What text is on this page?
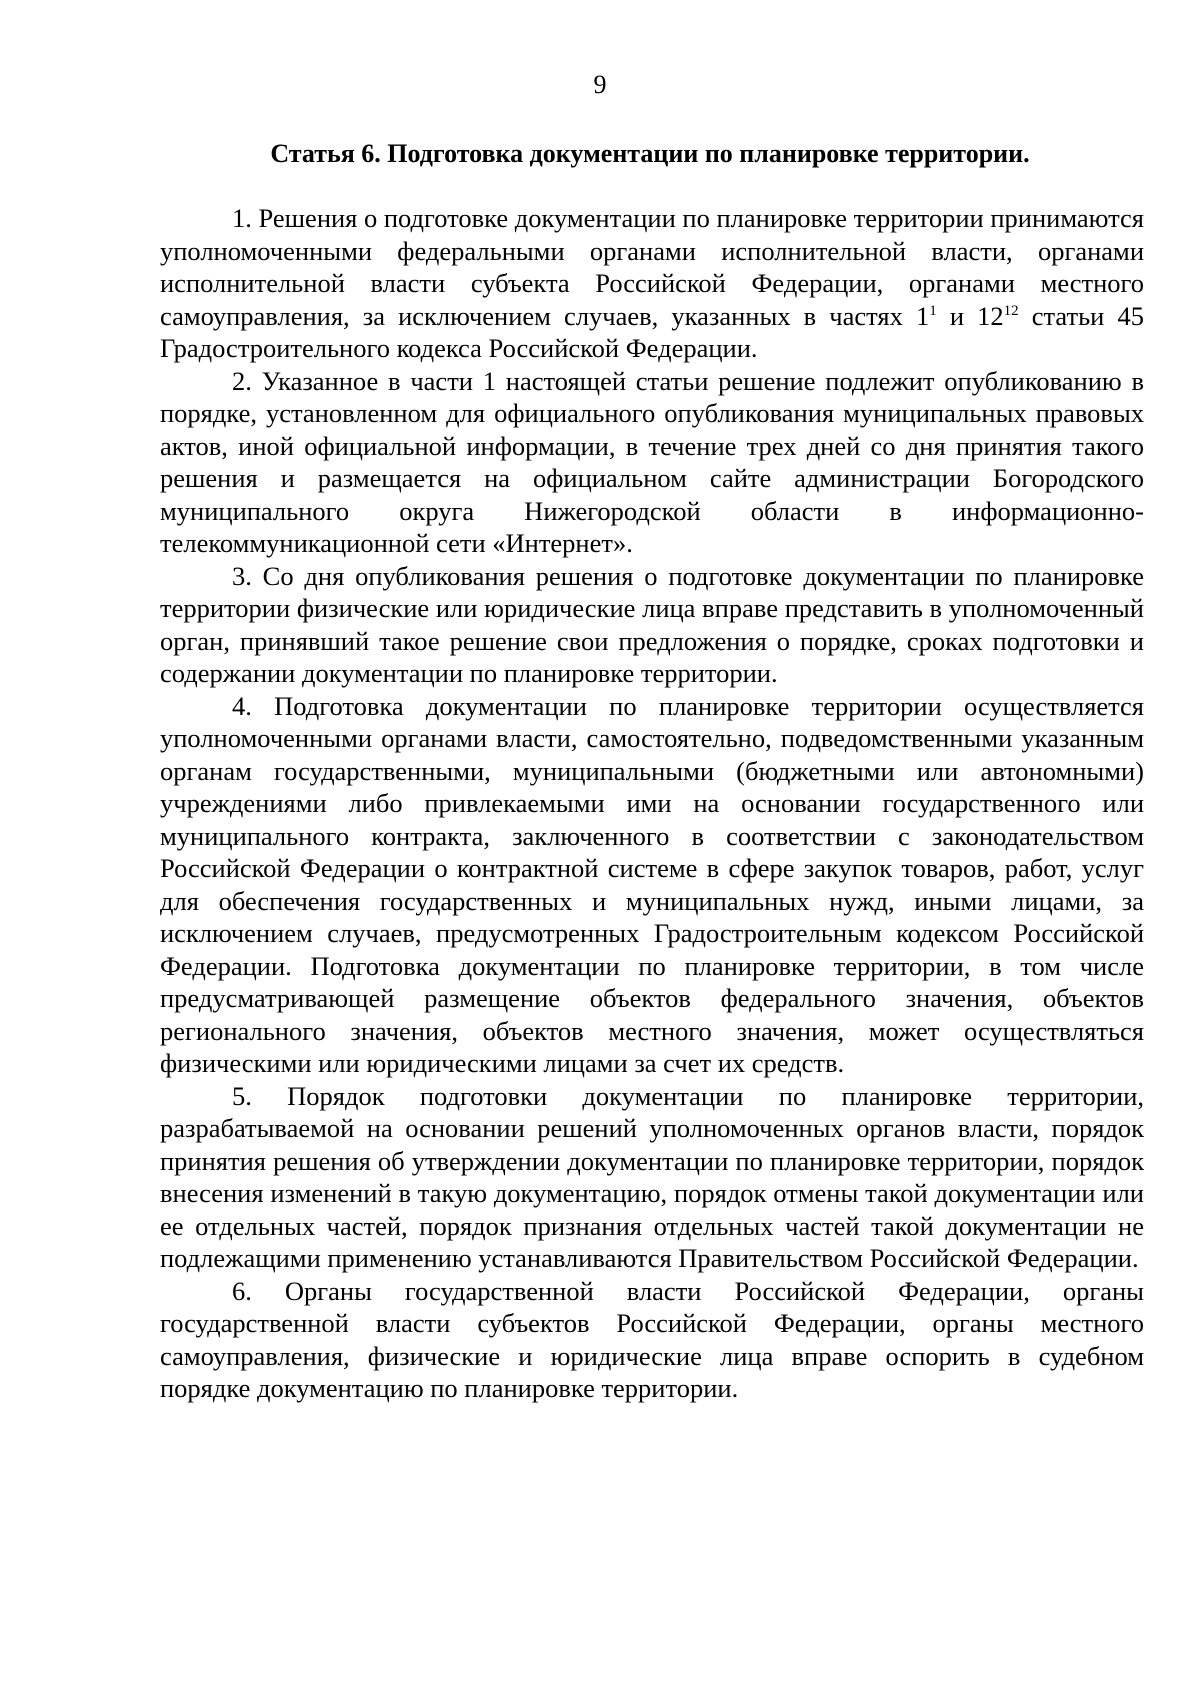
9
Статья 6. Подготовка документации по планировке территории.

1. Решения о подготовке документации по планировке территории принимаются уполномоченными федеральными органами исполнительной власти, органами исполнительной власти субъекта Российской Федерации, органами местного самоуправления, за исключением случаев, указанных в частях $1^1$ и $12^{12}$ статьи 45 Градостроительного кодекса Российской Федерации.

2. Указанное в части 1 настоящей статьи решение подлежит опубликованию в порядке, установленном для официального опубликования муниципальных правовых актов, иной официальной информации, в течение трех дней со дня принятия такого решения и размещается на официальном сайте администрации Богородского муниципального округа Нижегородской области в информационно-телекоммуникационной сети «Интернет».

3. Со дня опубликования решения о подготовке документации по планировке территории физические или юридические лица вправе представить в уполномоченный орган, принявший такое решение свои предложения о порядке, сроках подготовки и содержании документации по планировке территории.

4. Подготовка документации по планировке территории осуществляется уполномоченными органами власти, самостоятельно, подведомственными указанным органам государственными, муниципальными (бюджетными или автономными) учреждениями либо привлекаемыми ими на основании государственного или муниципального контракта, заключенного в соответствии с законодательством Российской Федерации о контрактной системе в сфере закупок товаров, работ, услуг для обеспечения государственных и муниципальных нужд, иными лицами, за исключением случаев, предусмотренных Градостроительным кодексом Российской Федерации. Подготовка документации по планировке территории, в том числе предусматривающей размещение объектов федерального значения, объектов регионального значения, объектов местного значения, может осуществляться физическими или юридическими лицами за счет их средств.

5. Порядок подготовки документации по планировке территории, разрабатываемой на основании решений уполномоченных органов власти, порядок принятия решения об утверждении документации по планировке территории, порядок внесения изменений в такую документацию, порядок отмены такой документации или ее отдельных частей, порядок признания отдельных частей такой документации не подлежащими применению устанавливаются Правительством Российской Федерации.

6. Органы государственной власти Российской Федерации, органы государственной власти субъектов Российской Федерации, органы местного самоуправления, физические и юридические лица вправе оспорить в судебном порядке документацию по планировке территории.
